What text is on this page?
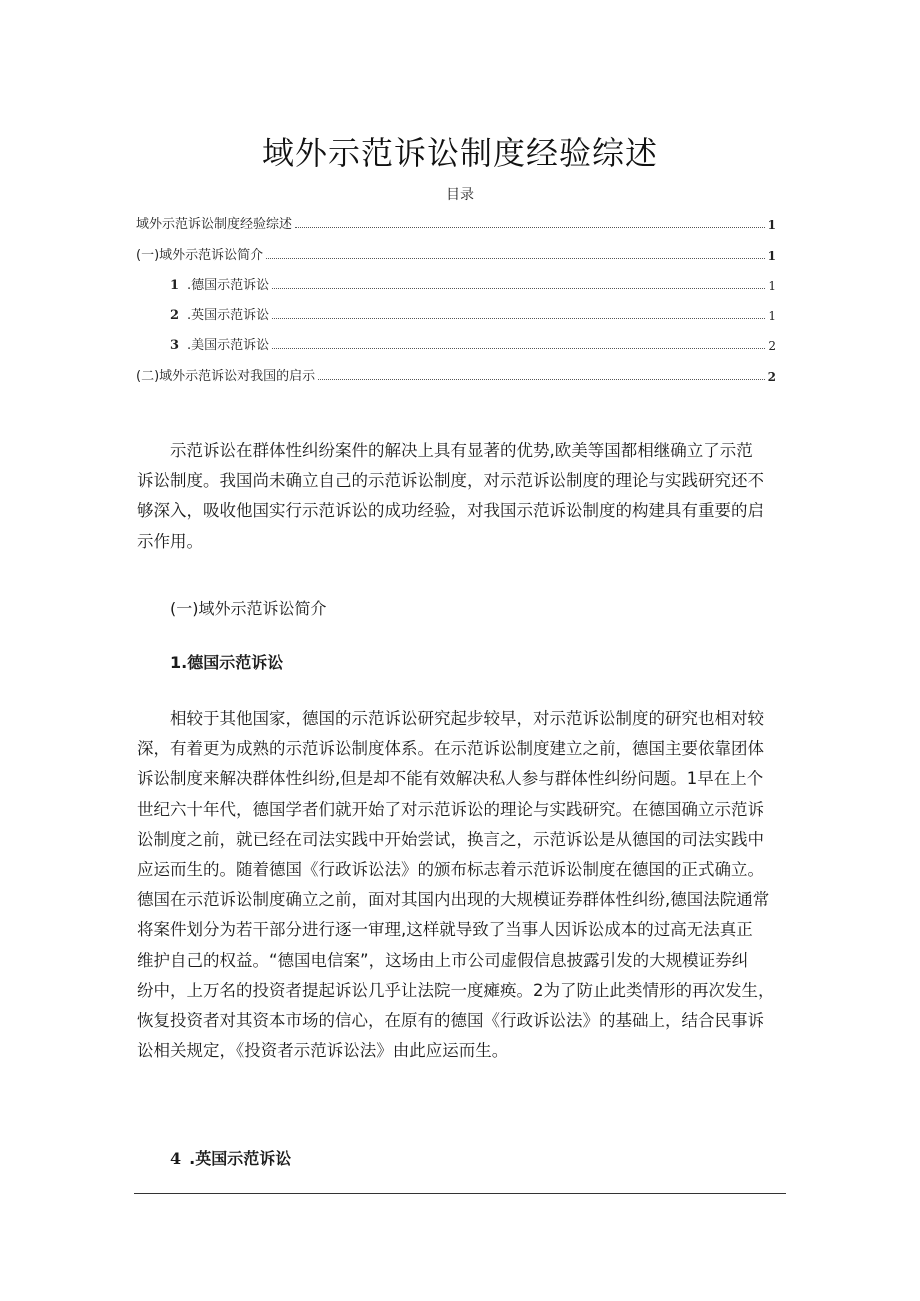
域外示范诉讼制度经验综述
目录
域外示范诉讼制度经验综述	1
(一)域外示范诉讼简介	1
1 .德国示范诉讼	1
2 .英国示范诉讼	1
3 .美国示范诉讼	2
(二)域外示范诉讼对我国的启示	2
示范诉讼在群体性纠纷案件的解决上具有显著的优势,欧美等国都相继确立了示范
诉讼制度。我国尚未确立自己的示范诉讼制度，对示范诉讼制度的理论与实践研究还不
够深入，吸收他国实行示范诉讼的成功经验，对我国示范诉讼制度的构建具有重要的启
示作用。
(一)域外示范诉讼简介
1.德国示范诉讼
相较于其他国家，德国的示范诉讼研究起步较早，对示范诉讼制度的研究也相对较
深，有着更为成熟的示范诉讼制度体系。在示范诉讼制度建立之前，德国主要依靠团体
诉讼制度来解决群体性纠纷,但是却不能有效解决私人参与群体性纠纷问题。1早在上个
世纪六十年代，德国学者们就开始了对示范诉讼的理论与实践研究。在德国确立示范诉
讼制度之前，就已经在司法实践中开始尝试，换言之，示范诉讼是从德国的司法实践中
应运而生的。随着德国《行政诉讼法》的颁布标志着示范诉讼制度在德国的正式确立。
德国在示范诉讼制度确立之前，面对其国内出现的大规模证券群体性纠纷,德国法院通常
将案件划分为若干部分进行逐一审理,这样就导致了当事人因诉讼成本的过高无法真正
维护自己的权益。“德国电信案”，这场由上市公司虚假信息披露引发的大规模证券纠
纷中，上万名的投资者提起诉讼几乎让法院一度瘫痪。2为了防止此类情形的再次发生，
恢复投资者对其资本市场的信心，在原有的德国《行政诉讼法》的基础上，结合民事诉
讼相关规定，《投资者示范诉讼法》由此应运而生。
4 .英国示范诉讼
